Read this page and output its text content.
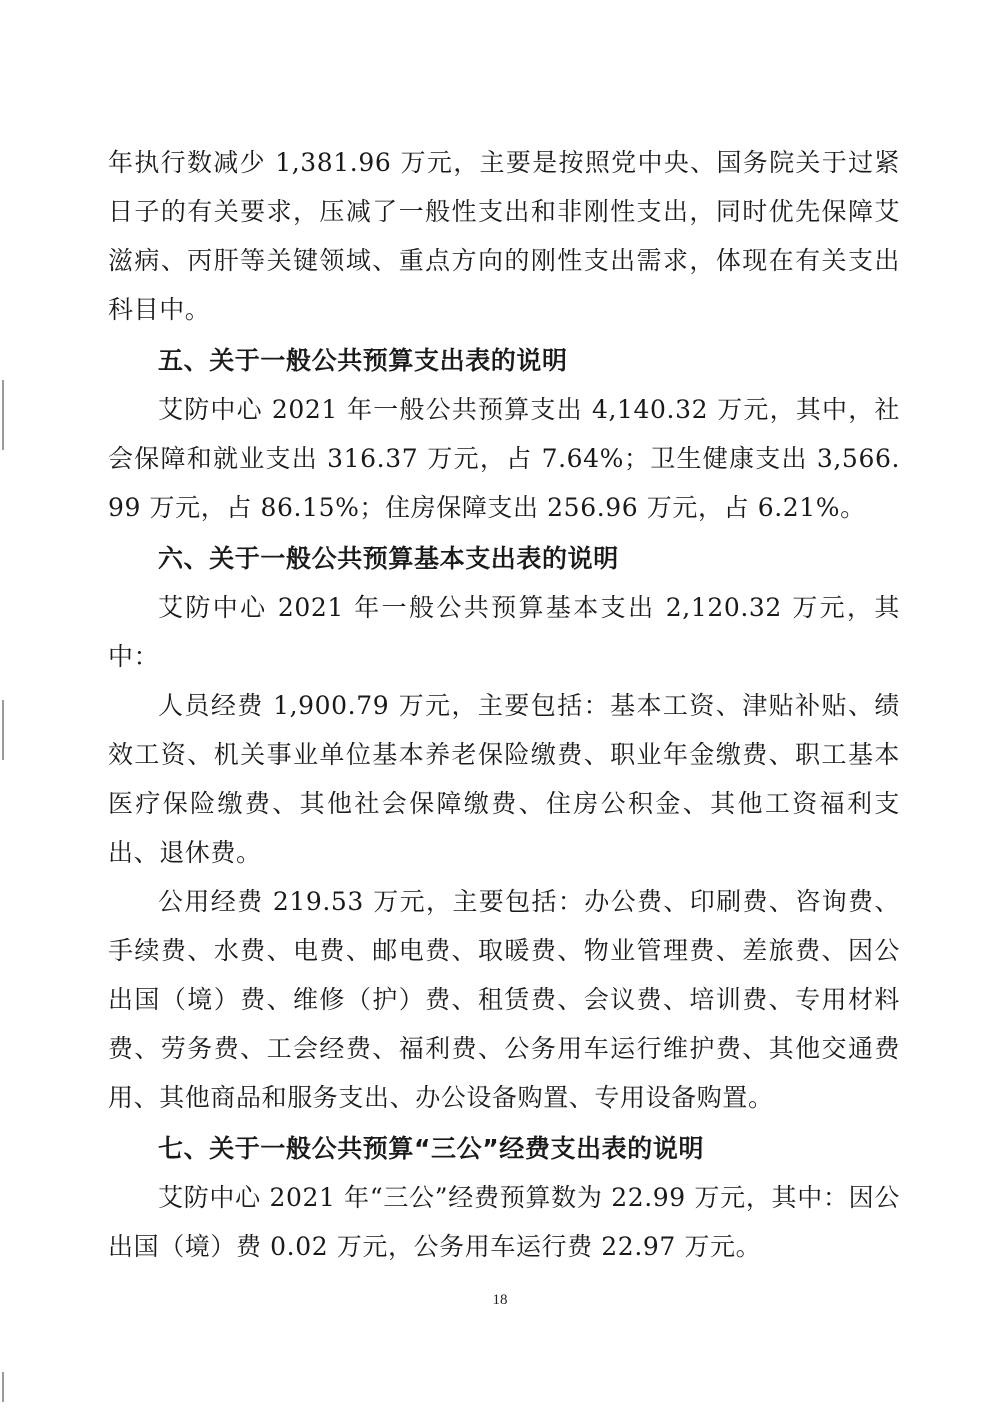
年执行数减少 1,381.96 万元，主要是按照党中央、国务院关于过紧日子的有关要求，压减了一般性支出和非刚性支出，同时优先保障艾滋病、丙肝等关键领域、重点方向的刚性支出需求，体现在有关支出科目中。

五、关于一般公共预算支出表的说明

艾防中心 2021 年一般公共预算支出 4,140.32 万元，其中，社会保障和就业支出 316.37 万元，占 7.64%；卫生健康支出 3,566.99 万元，占 86.15%；住房保障支出 256.96 万元，占 6.21%。

六、关于一般公共预算基本支出表的说明

艾防中心 2021 年一般公共预算基本支出 2,120.32 万元，其中：

人员经费 1,900.79 万元，主要包括：基本工资、津贴补贴、绩效工资、机关事业单位基本养老保险缴费、职业年金缴费、职工基本医疗保险缴费、其他社会保障缴费、住房公积金、其他工资福利支出、退休费。

公用经费 219.53 万元，主要包括：办公费、印刷费、咨询费、手续费、水费、电费、邮电费、取暖费、物业管理费、差旅费、因公出国（境）费、维修（护）费、租赁费、会议费、培训费、专用材料费、劳务费、工会经费、福利费、公务用车运行维护费、其他交通费用、其他商品和服务支出、办公设备购置、专用设备购置。

七、关于一般公共预算“三公”经费支出表的说明

艾防中心 2021 年“三公”经费预算数为 22.99 万元，其中：因公出国（境）费 0.02 万元，公务用车运行费 22.97 万元。

18
